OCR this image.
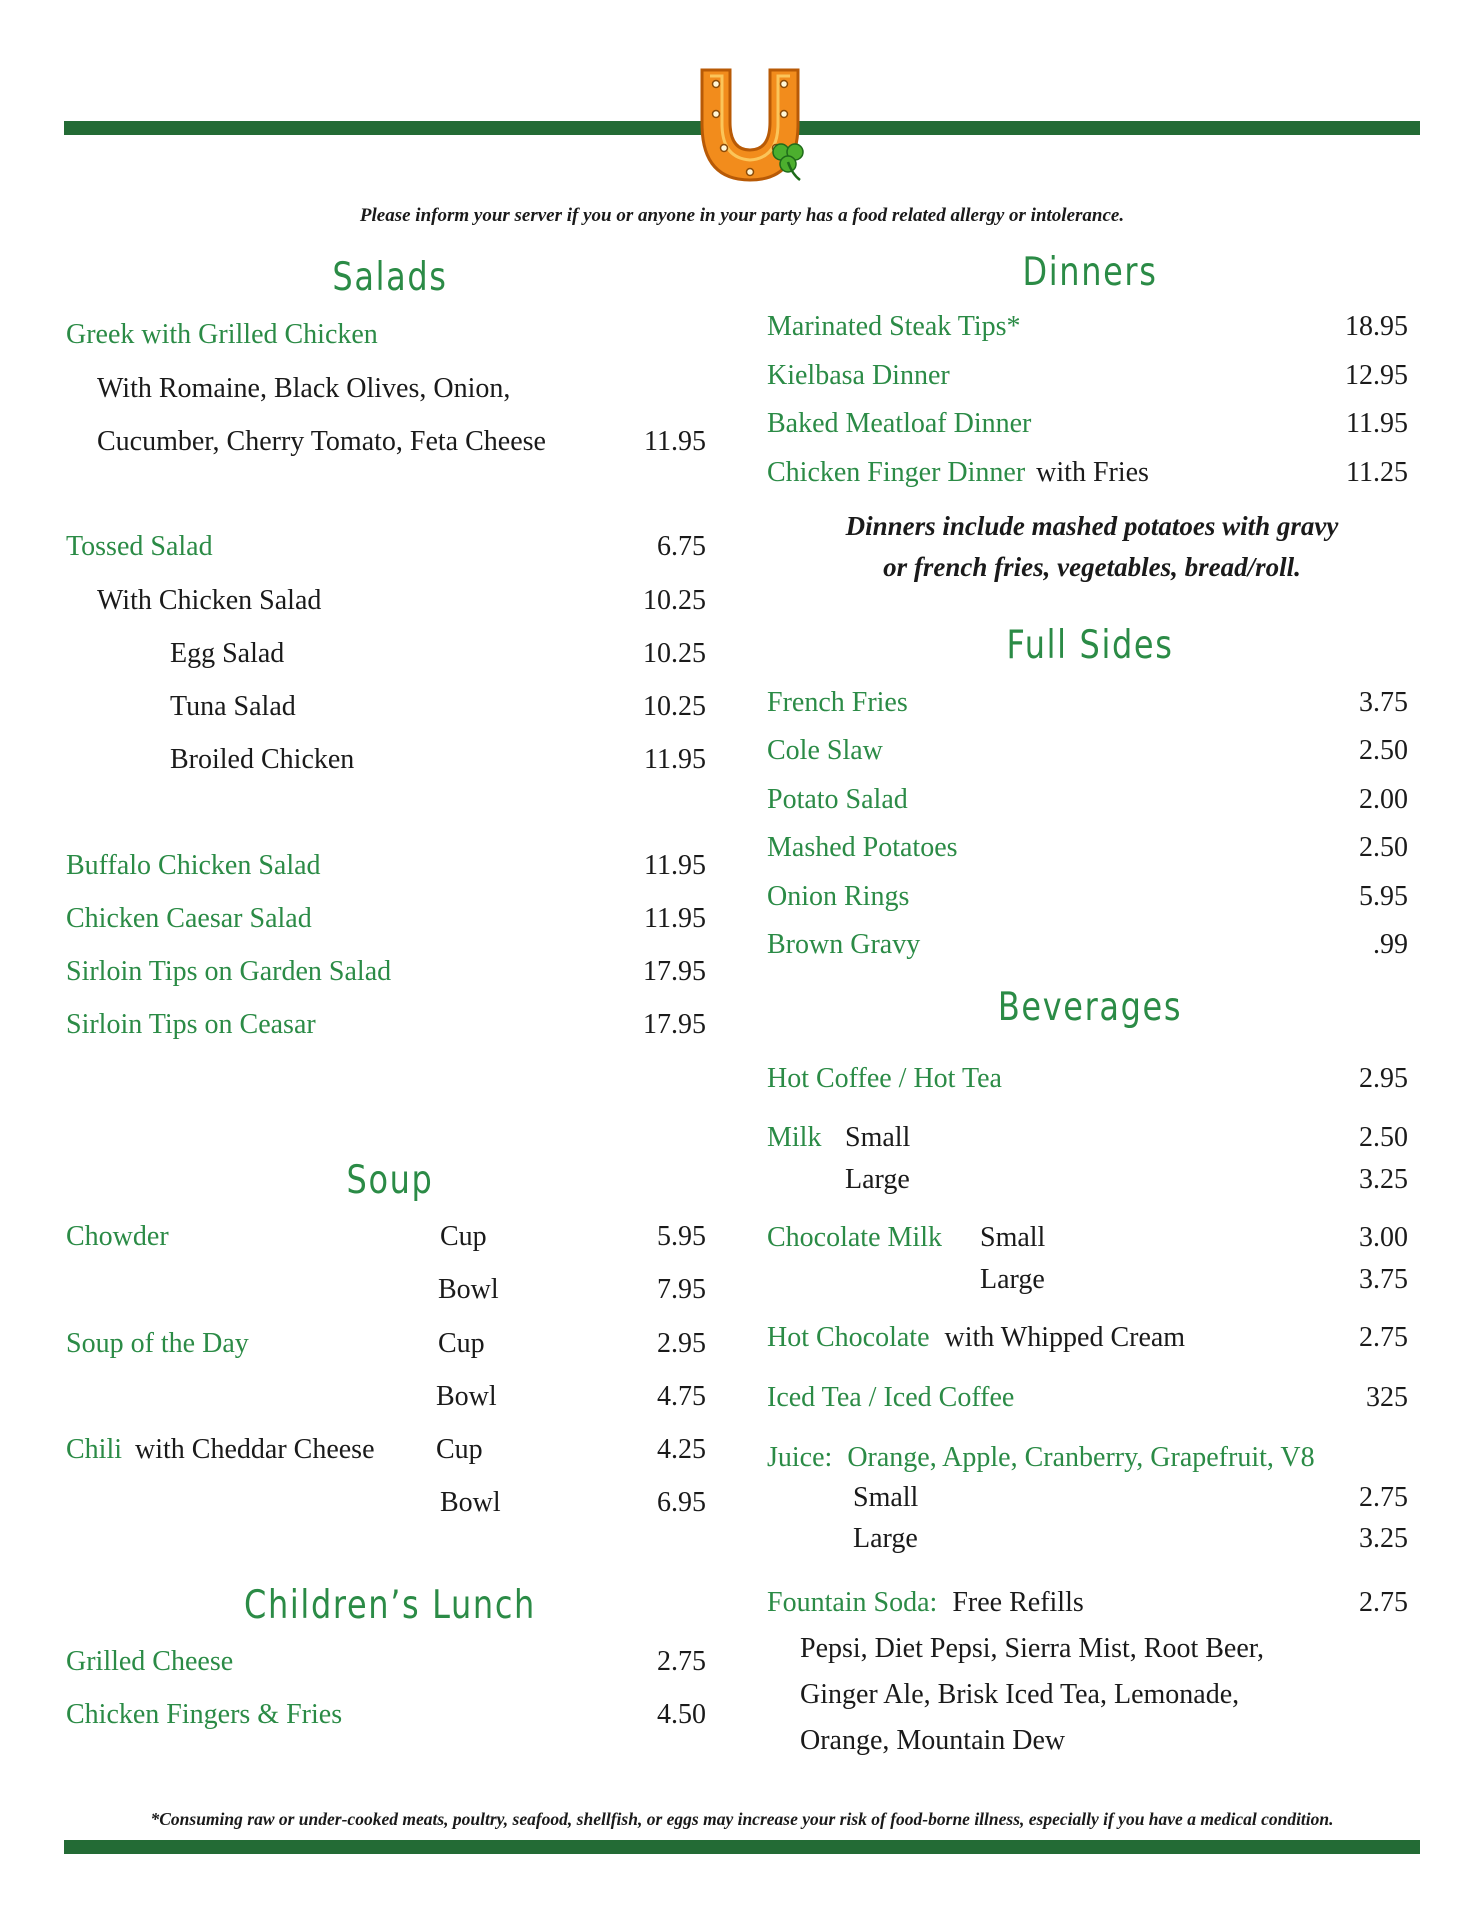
Please inform your server if you or anyone in your party has a food related allergy or intolerance.
Salads
Greek with Grilled Chicken
With Romaine, Black Olives, Onion,
Cucumber, Cherry Tomato, Feta Cheese	11.95
Tossed Salad	6.75
With Chicken Salad	10.25
Egg Salad	10.25
Tuna Salad	10.25
Broiled Chicken	11.95
Buffalo Chicken Salad	11.95
Chicken Caesar Salad	11.95
Sirloin Tips on Garden Salad	17.95
Sirloin Tips on Ceasar	17.95
Soup
Chowder	Cup	5.95
Bowl	7.95
Soup of the Day	Cup	2.95
Bowl	4.75
Chili with Cheddar Cheese Cup	4.25
Bowl	6.95
Children’s Lunch
Grilled Cheese	2.75
Chicken Fingers & Fries	4.50
Dinners
Marinated Steak Tips*	18.95
Kielbasa Dinner	12.95
Baked Meatloaf Dinner	11.95
Chicken Finger Dinner with Fries	11.25
Dinners include mashed potatoes with gravy
or french fries, vegetables, bread/roll.
Full Sides
French Fries	3.75
Cole Slaw	2.50
Potato Salad	2.00
Mashed Potatoes	2.50
Onion Rings	5.95
Brown Gravy	.99
Beverages
Hot Coffee / Hot Tea	2.95
Milk Small	2.50
Large	3.25
Chocolate Milk Small	3.00
Large	3.75
Hot Chocolate with Whipped Cream	2.75
Iced Tea / Iced Coffee	325
Juice: Orange, Apple, Cranberry, Grapefruit, V8
Small	2.75
Large	3.25
Fountain Soda: Free Refills	2.75
Pepsi, Diet Pepsi, Sierra Mist, Root Beer,
Ginger Ale, Brisk Iced Tea, Lemonade,
Orange, Mountain Dew
*Consuming raw or under-cooked meats, poultry, seafood, shellfish, or eggs may increase your risk of food-borne illness, especially if you have a medical condition.
